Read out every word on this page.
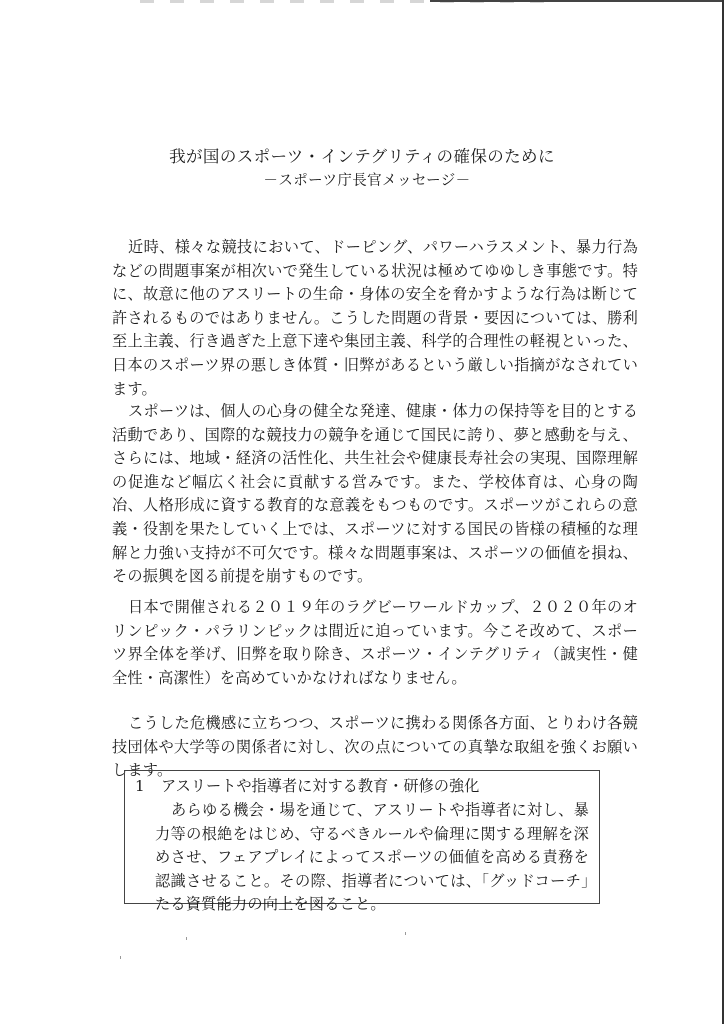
我が国のスポーツ・インテグリティの確保のために
－スポーツ庁長官メッセージ－
近時、様々な競技において、ドーピング、パワーハラスメント、暴力行為などの問題事案が相次いで発生している状況は極めてゆゆしき事態です。特に、故意に他のアスリートの生命・身体の安全を脅かすような行為は断じて許されるものではありません。こうした問題の背景・要因については、勝利至上主義、行き過ぎた上意下達や集団主義、科学的合理性の軽視といった、日本のスポーツ界の悪しき体質・旧弊があるという厳しい指摘がなされています。
スポーツは、個人の心身の健全な発達、健康・体力の保持等を目的とする活動であり、国際的な競技力の競争を通じて国民に誇り、夢と感動を与え、さらには、地域・経済の活性化、共生社会や健康長寿社会の実現、国際理解の促進など幅広く社会に貢献する営みです。また、学校体育は、心身の陶冶、人格形成に資する教育的な意義をもつものです。スポーツがこれらの意義・役割を果たしていく上では、スポーツに対する国民の皆様の積極的な理解と力強い支持が不可欠です。様々な問題事案は、スポーツの価値を損ね、その振興を図る前提を崩すものです。
日本で開催される２０１９年のラグビーワールドカップ、２０２０年のオリンピック・パラリンピックは間近に迫っています。今こそ改めて、スポーツ界全体を挙げ、旧弊を取り除き、スポーツ・インテグリティ（誠実性・健全性・高潔性）を高めていかなければなりません。
こうした危機感に立ちつつ、スポーツに携わる関係各方面、とりわけ各競技団体や大学等の関係者に対し、次の点についての真摯な取組を強くお願いします。
1 アスリートや指導者に対する教育・研修の強化
あらゆる機会・場を通じて、アスリートや指導者に対し、暴力等の根絶をはじめ、守るべきルールや倫理に関する理解を深めさせ、フェアプレイによってスポーツの価値を高める責務を認識させること。その際、指導者については、「グッドコーチ」たる資質能力の向上を図ること。
